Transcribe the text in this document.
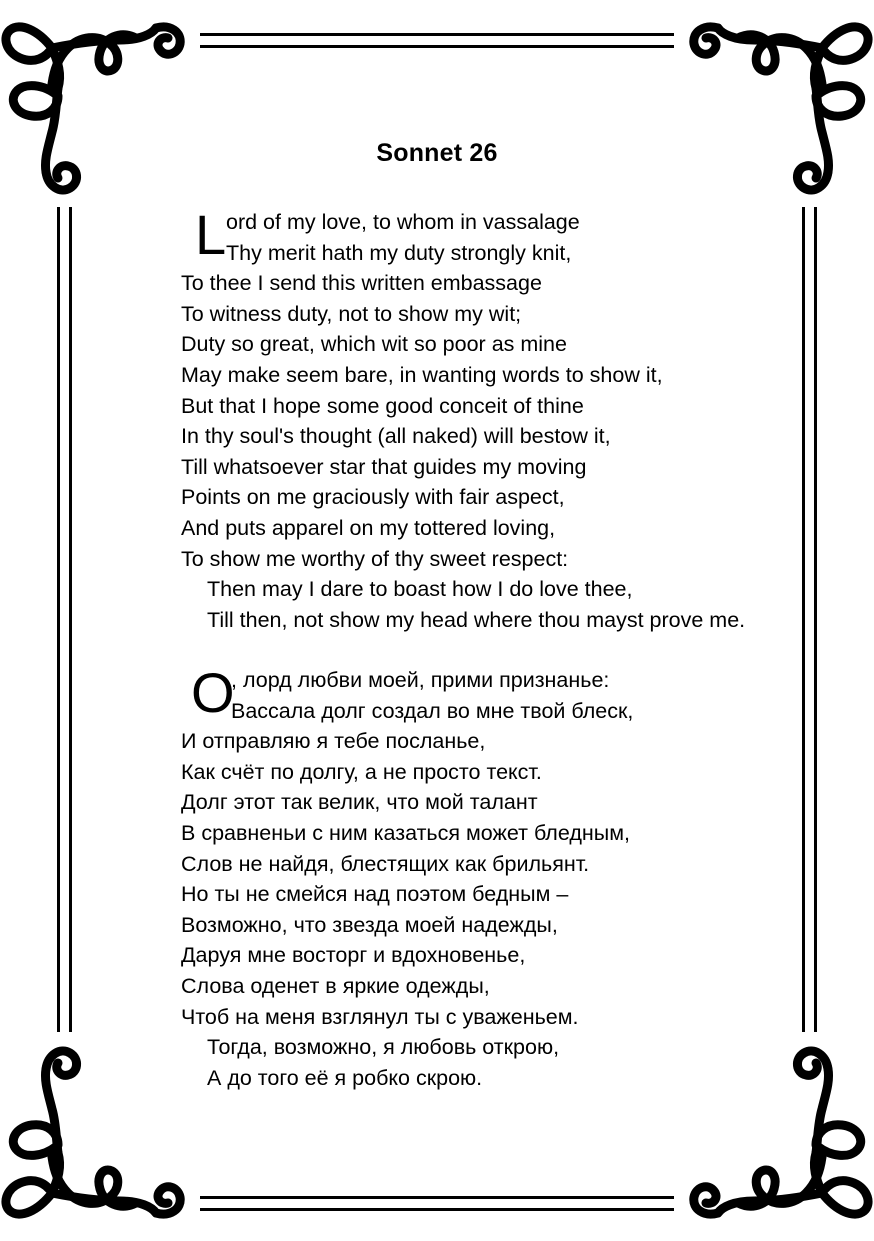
Sonnet 26
L ord of my love, to whom in vassalage
Thy merit hath my duty strongly knit,
To thee I send this written embassage
To witness duty, not to show my wit;
Duty so great, which wit so poor as mine
May make seem bare, in wanting words to show it,
But that I hope some good conceit of thine
In thy soul's thought (all naked) will bestow it,
Till whatsoever star that guides my moving
Points on me graciously with fair aspect,
And puts apparel on my tottered loving,
To show me worthy of thy sweet respect:
Then may I dare to boast how I do love thee,
Till then, not show my head where thou mayst prove me.
О
, лорд любви моей, прими признанье:
Вассала долг создал во мне твой блеск,
И отправляю я тебе посланье,
Как счёт по долгу, а не просто текст.
Долг этот так велик, что мой талант
В сравненьи с ним казаться может бледным,
Слов не найдя, блестящих как брильянт.
Но ты не смейся над поэтом бедным –
Возможно, что звезда моей надежды,
Даруя мне восторг и вдохновенье,
Слова оденет в яркие одежды,
Чтоб на меня взглянул ты с уваженьем.
Тогда, возможно, я любовь открою,
А до того её я робко скрою.
